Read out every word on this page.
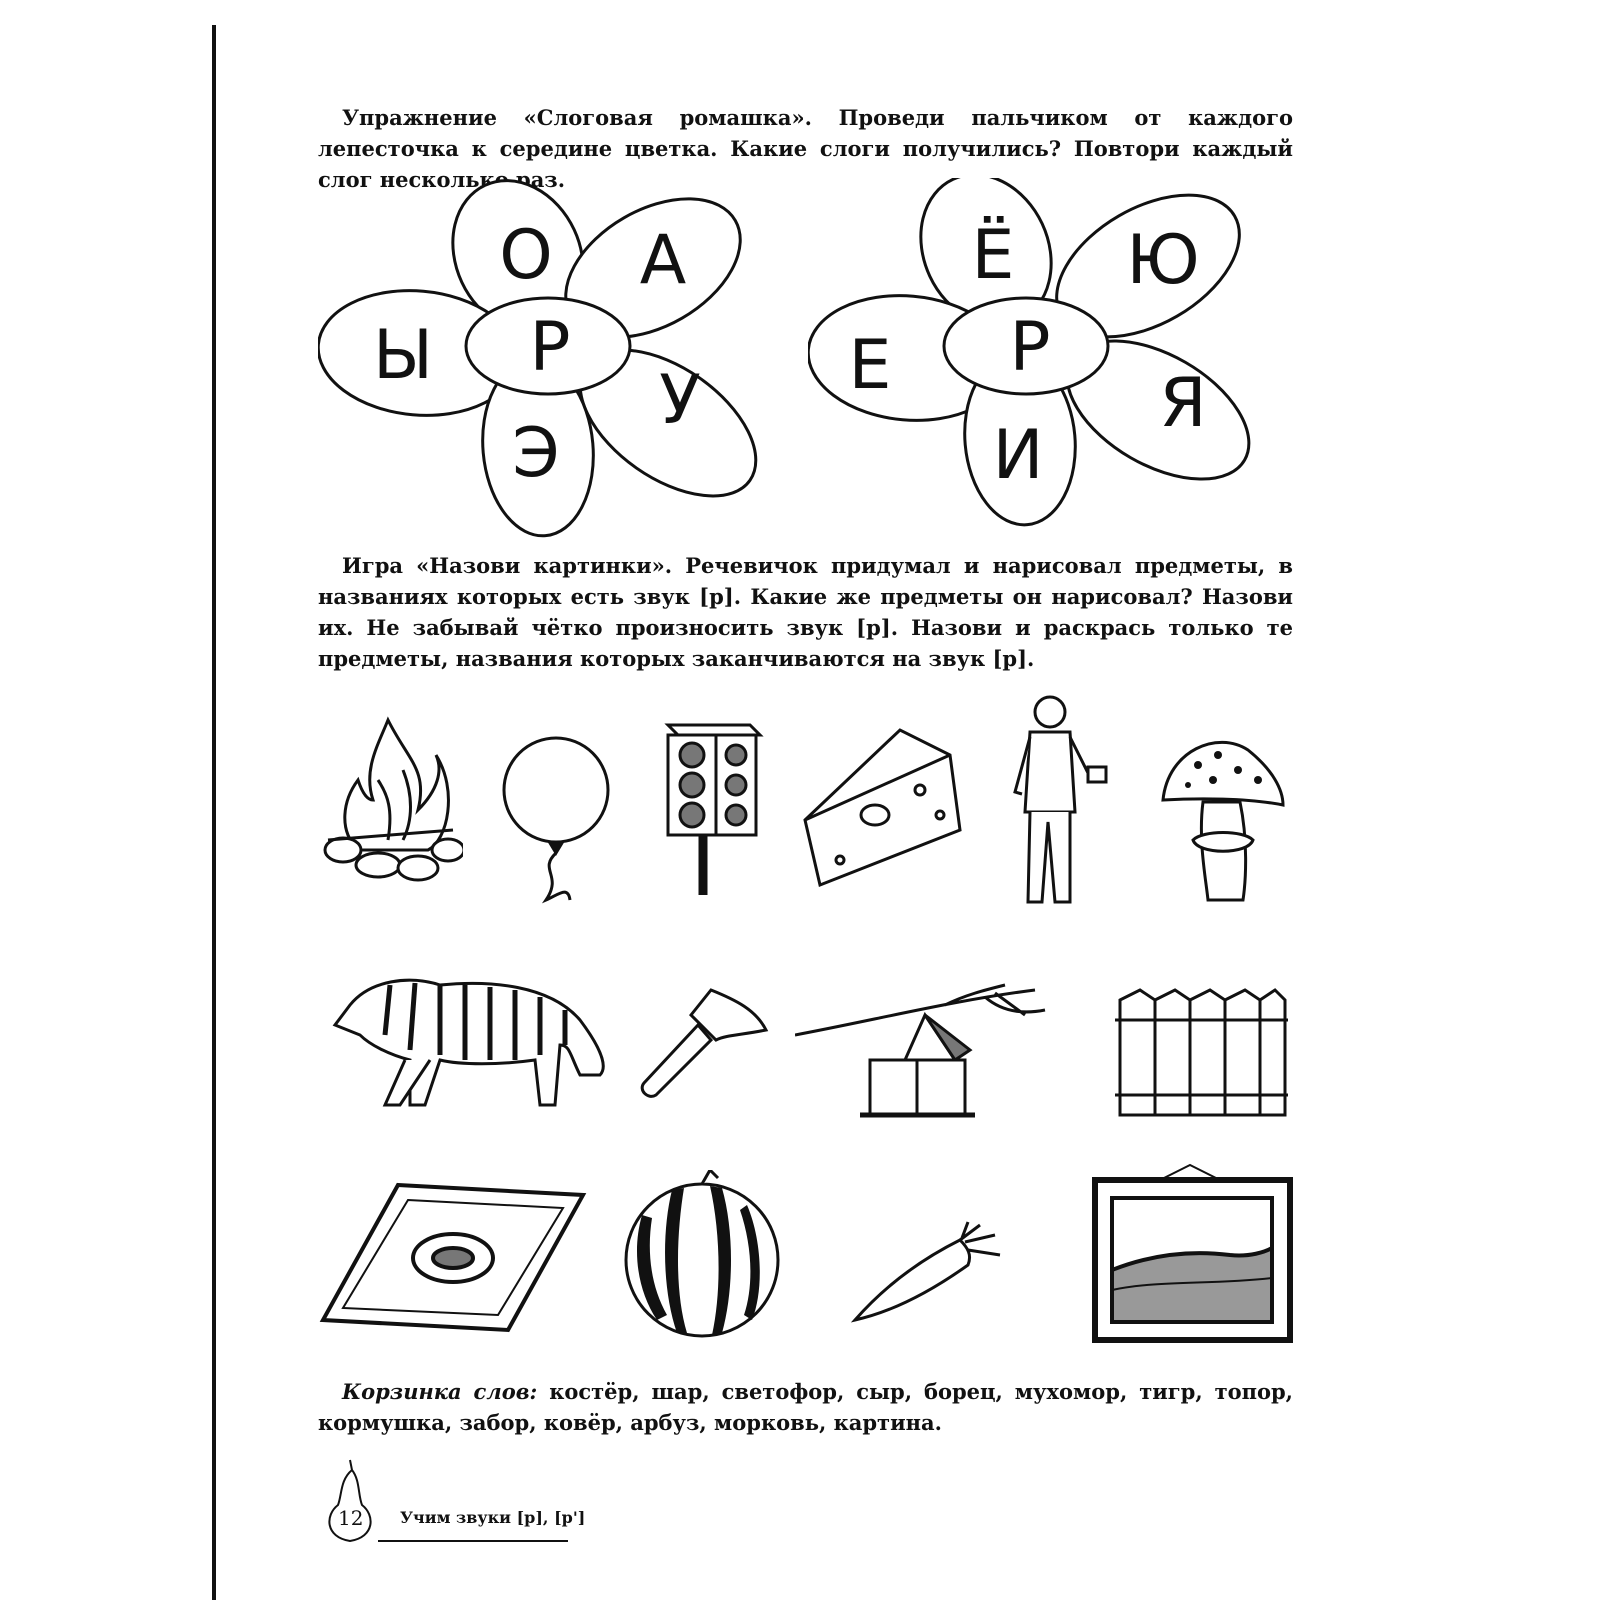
Упражнение «Слоговая ромашка». Проведи пальчиком от каждого лепесточка к середине цветка. Какие слоги получились? Повтори каждый слог несколько раз.

О А
Ы
У
Э
Р
Ё Ю
Е	Я
И
Р

Игра «Назови картинки». Речевичок придумал и нарисовал предметы, в названиях которых есть звук [р]. Какие же предметы он нарисовал? Назови их. Не забывай чётко произносить звук [р]. Назови и раскрась только те предметы, названия которых заканчиваются на звук [р].

Корзинка слов: костёр, шар, светофор, сыр, борец, мухомор, тигр, топор, кормушка, забор, ковёр, арбуз, морковь, картина.

12 Учим звуки [р], [р']
